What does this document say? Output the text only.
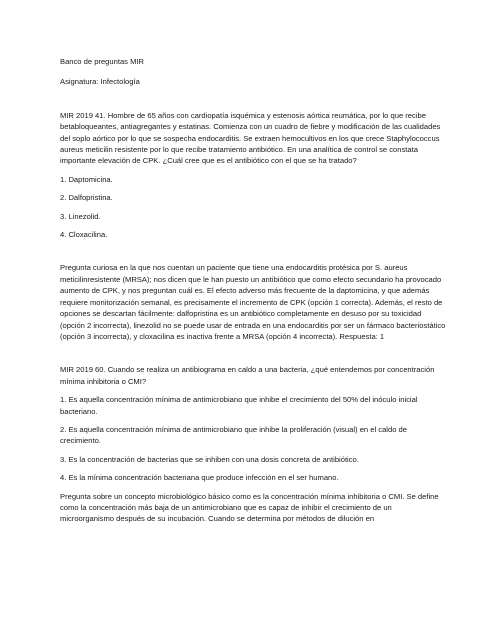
Banco de preguntas MIR

Asignatura: Infectología

MIR 2019 41. Hombre de 65 años con cardiopatía isquémica y estenosis aórtica reumática, por lo que recibe betabloqueantes, antiagregantes y estatinas. Comienza con un cuadro de fiebre y modificación de las cualidades del soplo aórtico por lo que se sospecha endocarditis. Se extraen hemocultivos en los que crece Staphylococcus aureus meticilin resistente por lo que recibe tratamiento antibiótico. En una analítica de control se constata importante elevación de CPK. ¿Cuál cree que es el antibiótico con el que se ha tratado?

1. Daptomicina.

2. Dalfopristina.

3. Linezolid.

4. Cloxacilina.

Pregunta curiosa en la que nos cuentan un paciente que tiene una endocarditis protésica por S. aureus meticilinresistente (MRSA); nos dicen que le han puesto un antibiótico que como efecto secundario ha provocado aumento de CPK, y nos preguntan cuál es. El efecto adverso más frecuente de la daptomicina, y que además requiere monitorización semanal, es precisamente el incremento de CPK (opción 1 correcta). Además, el resto de opciones se descartan fácilmente: dalfopristina es un antibiótico completamente en desuso por su toxicidad (opción 2 incorrecta), linezolid no se puede usar de entrada en una endocarditis por ser un fármaco bacteriostático (opción 3 incorrecta), y cloxacilina es inactiva frente a MRSA (opción 4 incorrecta). Respuesta: 1

MIR 2019 60. Cuando se realiza un antibiograma en caldo a una bacteria, ¿qué entendemos por concentración mínima inhibitoria o CMI?

1. Es aquella concentración mínima de antimicrobiano que inhibe el crecimiento del 50% del inóculo inicial bacteriano.

2. Es aquella concentración mínima de antimicrobiano que inhibe la proliferación (visual) en el caldo de crecimiento.

3. Es la concentración de bacterias que se inhiben con una dosis concreta de antibiótico.

4. Es la mínima concentración bacteriana que produce infección en el ser humano.

Pregunta sobre un concepto microbiológico básico como es la concentración mínima inhibitoria o CMI. Se define como la concentración más baja de un antimicrobiano que es capaz de inhibir el crecimiento de un microorganismo después de su incubación. Cuando se determina por métodos de dilución en
